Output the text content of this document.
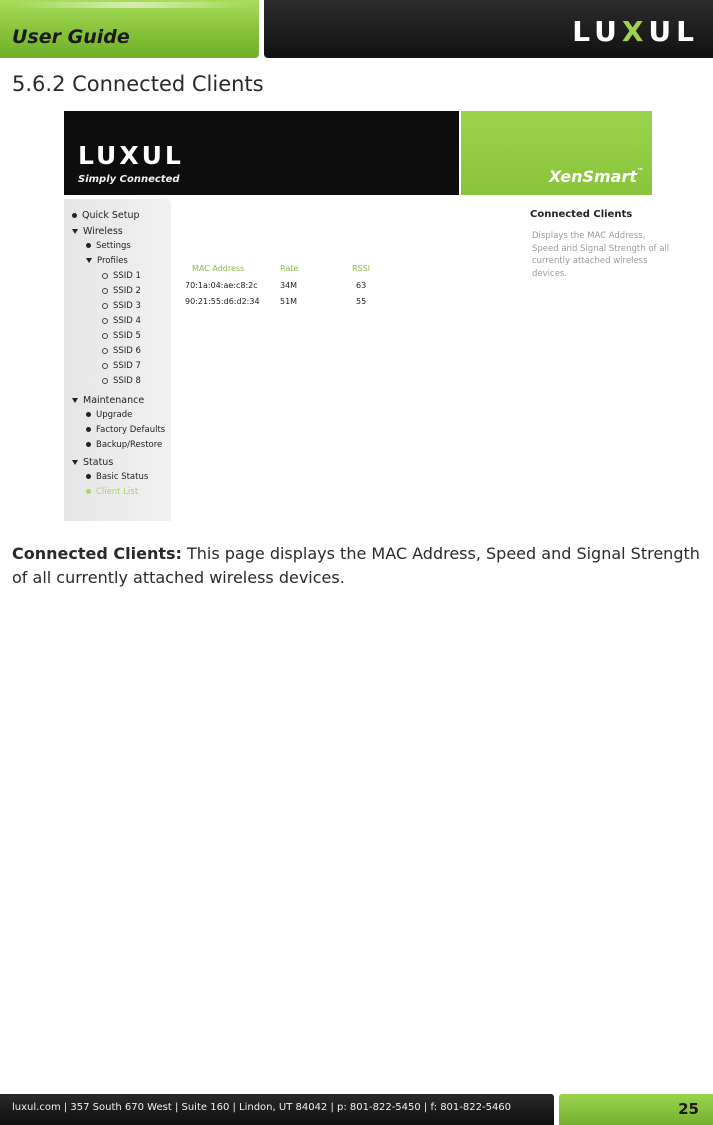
User Guide	LUXUL
5.6.2 Connected Clients
LUXUL
Simply Connected	XenSmart™
Quick Setup
Wireless
Settings
Profiles
SSID 1
SSID 2
SSID 3
SSID 4
SSID 5
SSID 6
SSID 7
SSID 8
Maintenance
Upgrade
Factory Defaults
Backup/Restore
Status
Basic Status
Client List
MAC Address	Rate	RSSI
70:1a:04:ae:c8:2c	34M	63
90:21:55:d6:d2:34	51M	55
Connected Clients
Displays the MAC Address, Speed and Signal Strength of all currently attached wireless devices.
Connected Clients: This page displays the MAC Address, Speed and Signal Strength of all currently attached wireless devices.
luxul.com | 357 South 670 West | Suite 160 | Lindon, UT 84042 | p: 801-822-5450 | f: 801-822-5460	25
